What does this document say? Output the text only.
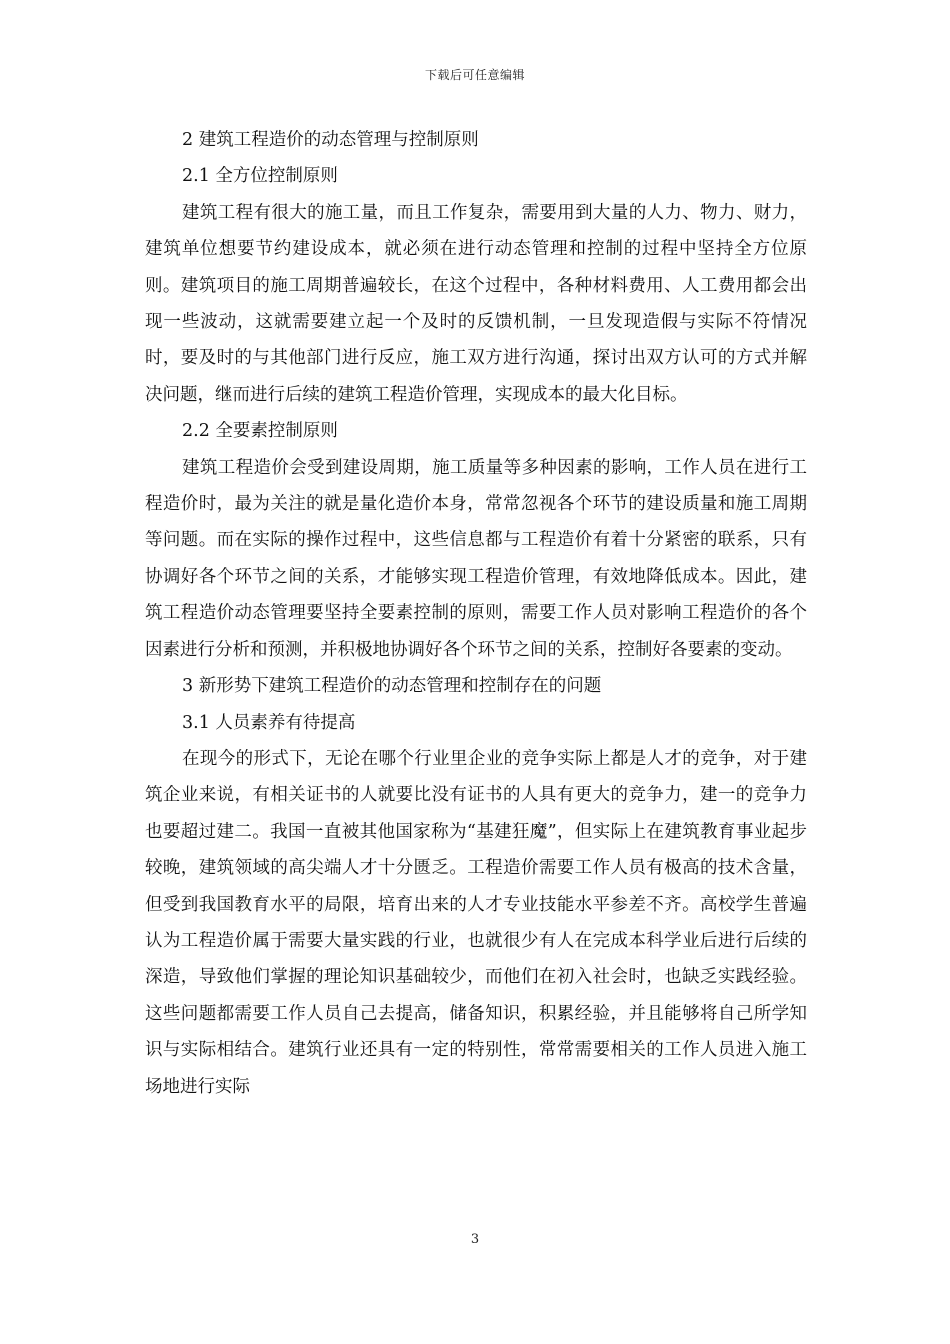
下载后可任意编辑

2 建筑工程造价的动态管理与控制原则

2.1 全方位控制原则

建筑工程有很大的施工量，而且工作复杂，需要用到大量的人力、物力、财力，建筑单位想要节约建设成本，就必须在进行动态管理和控制的过程中坚持全方位原则。建筑项目的施工周期普遍较长，在这个过程中，各种材料费用、人工费用都会出现一些波动，这就需要建立起一个及时的反馈机制，一旦发现造假与实际不符情况时，要及时的与其他部门进行反应，施工双方进行沟通，探讨出双方认可的方式并解决问题，继而进行后续的建筑工程造价管理，实现成本的最大化目标。

2.2 全要素控制原则

建筑工程造价会受到建设周期，施工质量等多种因素的影响，工作人员在进行工程造价时，最为关注的就是量化造价本身，常常忽视各个环节的建设质量和施工周期等问题。而在实际的操作过程中，这些信息都与工程造价有着十分紧密的联系，只有协调好各个环节之间的关系，才能够实现工程造价管理，有效地降低成本。因此，建筑工程造价动态管理要坚持全要素控制的原则，需要工作人员对影响工程造价的各个因素进行分析和预测，并积极地协调好各个环节之间的关系，控制好各要素的变动。

3 新形势下建筑工程造价的动态管理和控制存在的问题

3.1 人员素养有待提高

在现今的形式下，无论在哪个行业里企业的竞争实际上都是人才的竞争，对于建筑企业来说，有相关证书的人就要比没有证书的人具有更大的竞争力，建一的竞争力也要超过建二。我国一直被其他国家称为“基建狂魔”，但实际上在建筑教育事业起步较晚，建筑领域的高尖端人才十分匮乏。工程造价需要工作人员有极高的技术含量，但受到我国教育水平的局限，培育出来的人才专业技能水平参差不齐。高校学生普遍认为工程造价属于需要大量实践的行业，也就很少有人在完成本科学业后进行后续的深造，导致他们掌握的理论知识基础较少，而他们在初入社会时，也缺乏实践经验。这些问题都需要工作人员自己去提高，储备知识，积累经验，并且能够将自己所学知识与实际相结合。建筑行业还具有一定的特别性，常常需要相关的工作人员进入施工场地进行实际

3
